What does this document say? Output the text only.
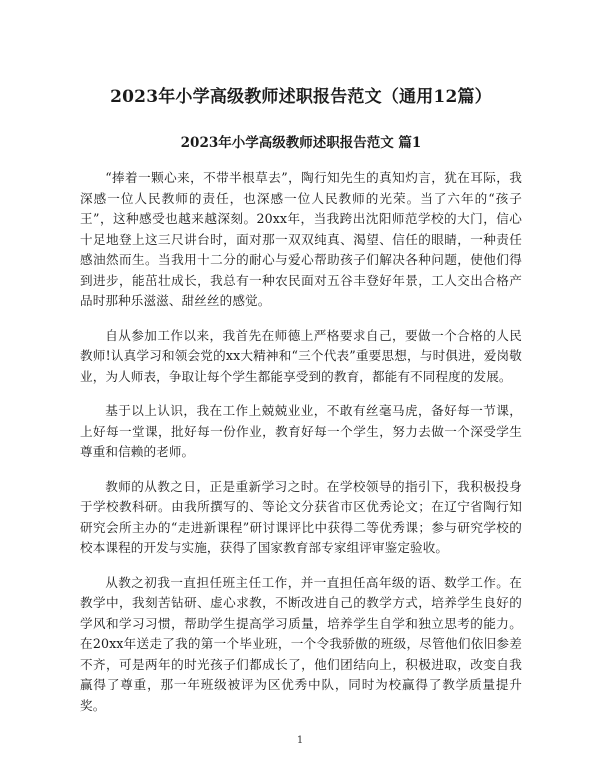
2023年小学高级教师述职报告范文（通用12篇）
2023年小学高级教师述职报告范文 篇1

“捧着一颗心来，不带半根草去”，陶行知先生的真知灼言，犹在耳际，我深感一位人民教师的责任，也深感一位人民教师的光荣。当了六年的“孩子王”，这种感受也越来越深刻。20xx年，当我跨出沈阳师范学校的大门，信心十足地登上这三尺讲台时，面对那一双双纯真、渴望、信任的眼睛，一种责任感油然而生。当我用十二分的耐心与爱心帮助孩子们解决各种问题，使他们得到进步，能茁壮成长，我总有一种农民面对五谷丰登好年景，工人交出合格产品时那种乐滋滋、甜丝丝的感觉。

自从参加工作以来，我首先在师德上严格要求自己，要做一个合格的人民教师!认真学习和领会党的xx大精神和“三个代表”重要思想，与时俱进，爱岗敬业，为人师表，争取让每个学生都能享受到的教育，都能有不同程度的发展。

基于以上认识，我在工作上兢兢业业，不敢有丝毫马虎，备好每一节课，上好每一堂课，批好每一份作业，教育好每一个学生，努力去做一个深受学生尊重和信赖的老师。

教师的从教之日，正是重新学习之时。在学校领导的指引下，我积极投身于学校教科研。由我所撰写的、等论文分获省市区优秀论文；在辽宁省陶行知研究会所主办的“走进新课程”研讨课评比中获得二等优秀课；参与研究学校的校本课程的开发与实施，获得了国家教育部专家组评审鉴定验收。

从教之初我一直担任班主任工作，并一直担任高年级的语、数学工作。在教学中，我刻苦钻研、虚心求教，不断改进自己的教学方式，培养学生良好的学风和学习习惯，帮助学生提高学习质量，培养学生自学和独立思考的能力。在20xx年送走了我的第一个毕业班，一个令我骄傲的班级，尽管他们依旧参差不齐，可是两年的时光孩子们都成长了，他们团结向上，积极进取，改变自我赢得了尊重，那一年班级被评为区优秀中队，同时为校赢得了教学质量提升奖。

1
